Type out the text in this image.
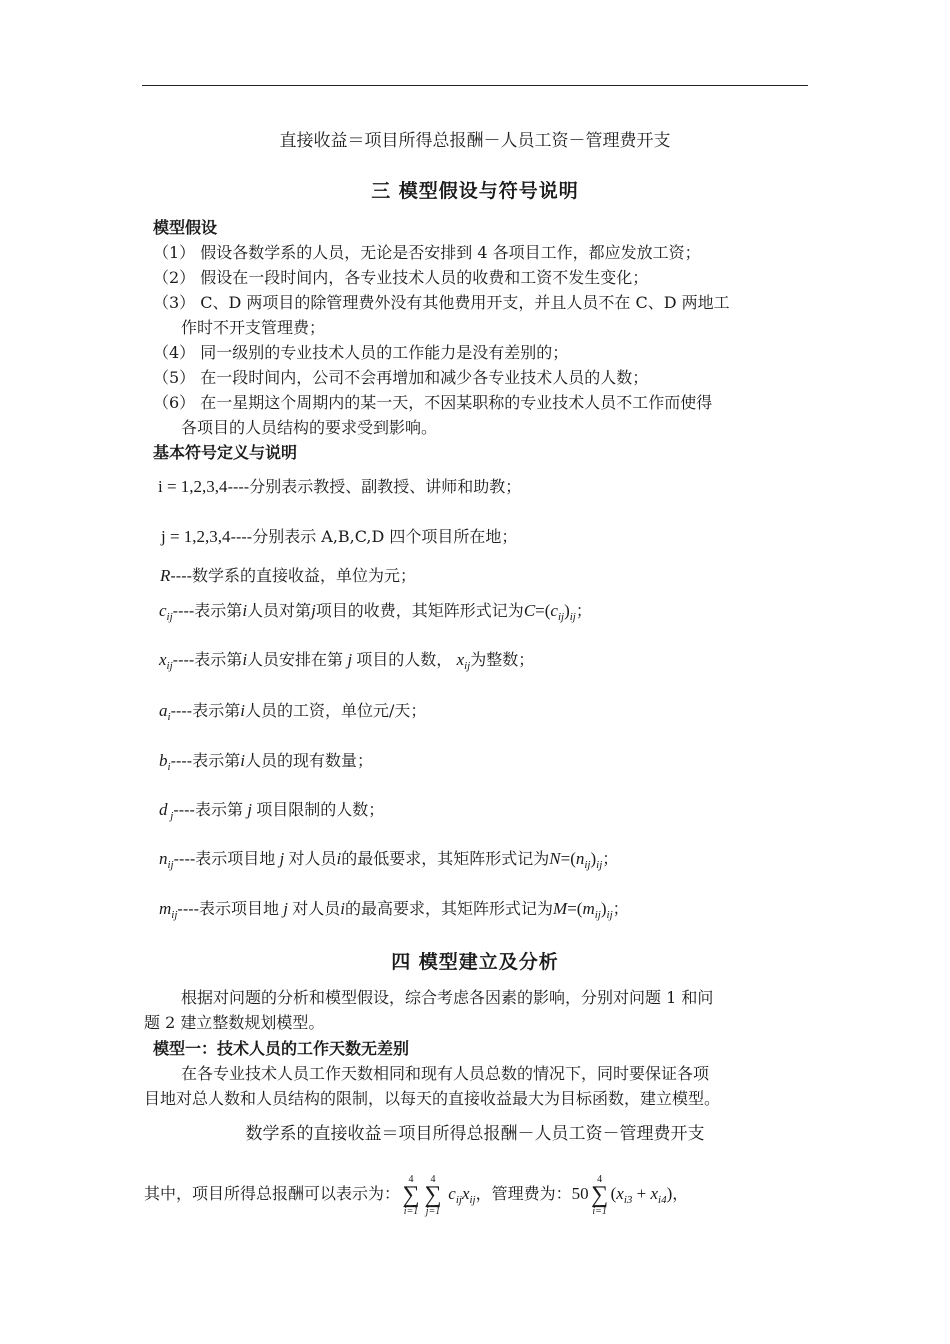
直接收益＝项目所得总报酬－人员工资－管理费开支
三 模型假设与符号说明
模型假设
（1） 假设各数学系的人员，无论是否安排到 4 各项目工作，都应发放工资；
（2） 假设在一段时间内，各专业技术人员的收费和工资不发生变化；
（3） C、D 两项目的除管理费外没有其他费用开支，并且人员不在 C、D 两地工
作时不开支管理费；
（4） 同一级别的专业技术人员的工作能力是没有差别的；
（5） 在一段时间内，公司不会再增加和减少各专业技术人员的人数；
（6） 在一星期这个周期内的某一天，不因某职称的专业技术人员不工作而使得
各项目的人员结构的要求受到影响。
基本符号定义与说明
i = 1,2,3,4----分别表示教授、副教授、讲师和助教；
j = 1,2,3,4----分别表示 A,B,C,D 四个项目所在地；
R----数学系的直接收益，单位为元；
$c_{ij}----$表示第i人员对第j项目的收费，其矩阵形式记为$C=(c_{ij})_{ij}$；
$x_{ij}----$表示第i人员安排在第 j 项目的人数， $x_{ij}$为整数；
$a_i----$表示第i人员的工资，单位元/天；
$b_i----$表示第i人员的现有数量；
d $_j$----表示第 j 项目限制的人数；
$n_{ij}----$表示项目地 j 对人员i的最低要求，其矩阵形式记为$N=(n_{ij})_{ij}$；
$m_{ij}----$表示项目地 j 对人员i的最高要求，其矩阵形式记为$M=(m_{ij})_{ij}$；
四 模型建立及分析
根据对问题的分析和模型假设，综合考虑各因素的影响，分别对问题 1 和问
题 2 建立整数规划模型。
模型一：技术人员的工作天数无差别
在各专业技术人员工作天数相同和现有人员总数的情况下，同时要保证各项
目地对总人数和人员结构的限制，以每天的直接收益最大为目标函数，建立模型。
数学系的直接收益＝项目所得总报酬－人员工资－管理费开支
其中，项目所得总报酬可以表示为：
4
∑
i=1
4
∑
j=1
$c_{ij}x_{ij}$，管理费为：50
4
∑
i=1
$(x_{i3} + x_{i4})$，
